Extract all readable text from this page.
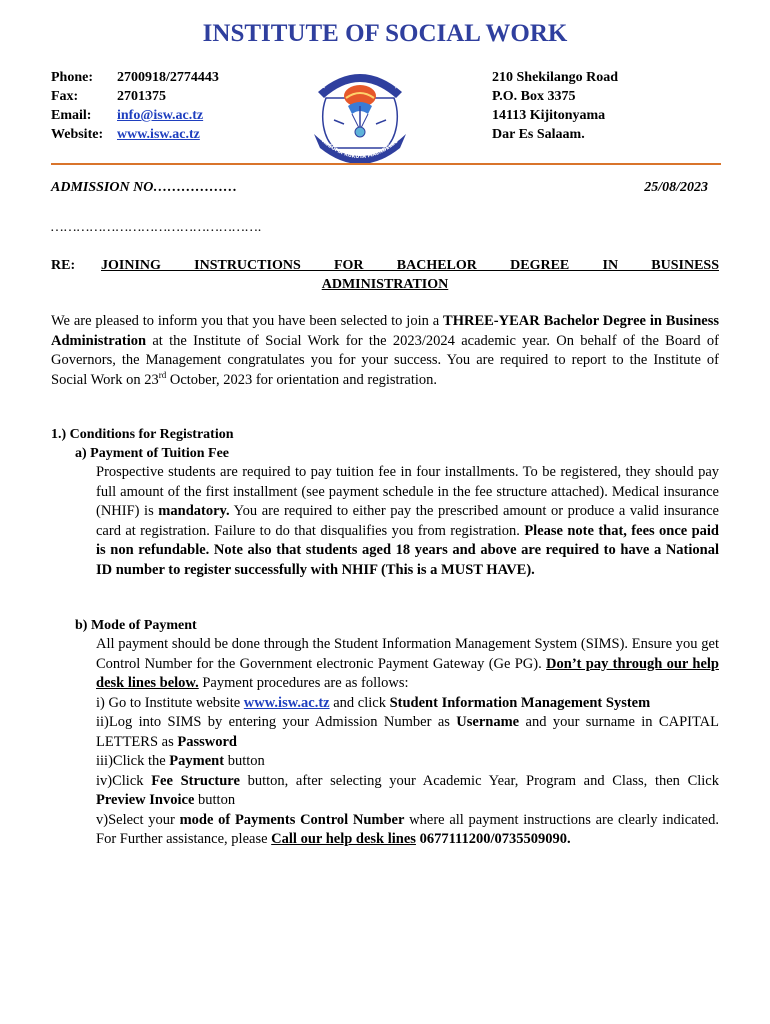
INSTITUTE OF SOCIAL WORK
Phone:	2700918/2774443
Fax:	2701375
Email:	info@isw.ac.tz
Website: www.isw.ac.tz
INSTITUTE OF SOCIAL WORK
KUSOMA KUKUTA MAENDELEO
210 Shekilango Road
P.O. Box 3375
14113 Kijitonyama
Dar Es Salaam.
ADMISSION NO………………	25/08/2023
………………………………………….
RE: JOINING INSTRUCTIONS FOR BACHELOR DEGREE IN BUSINESS
ADMINISTRATION
We are pleased to inform you that you have been selected to join a THREE-YEAR Bachelor Degree in Business Administration at the Institute of Social Work for the 2023/2024 academic year. On behalf of the Board of Governors, the Management congratulates you for your success. You are required to report to the Institute of Social Work on 23rd October, 2023 for orientation and registration.
1.) Conditions for Registration
a) Payment of Tuition Fee
Prospective students are required to pay tuition fee in four installments. To be registered, they should pay full amount of the first installment (see payment schedule in the fee structure attached). Medical insurance (NHIF) is mandatory. You are required to either pay the prescribed amount or produce a valid insurance card at registration. Failure to do that disqualifies you from registration. Please note that, fees once paid is non refundable. Note also that students aged 18 years and above are required to have a National ID number to register successfully with NHIF (This is a MUST HAVE).
b) Mode of Payment

All payment should be done through the Student Information Management System (SIMS). Ensure you get Control Number for the Government electronic Payment Gateway (Ge PG). Don’t pay through our help desk lines below. Payment procedures are as follows:

i) Go to Institute website www.isw.ac.tz and click Student Information Management System

ii)Log into SIMS by entering your Admission Number as Username and your surname in CAPITAL LETTERS as Password

iii)Click the Payment button

iv)Click Fee Structure button, after selecting your Academic Year, Program and Class, then Click Preview Invoice button

v)Select your mode of Payments Control Number where all payment instructions are clearly indicated. For Further assistance, please Call our help desk lines 0677111200/0735509090.
